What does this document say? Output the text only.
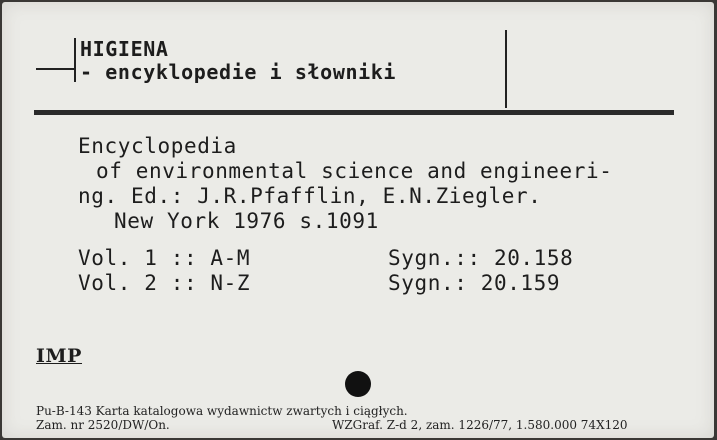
HIGIENA
- encyklopedie i słowniki
Encyclopedia
of environmental science and engineeri-
ng. Ed.: J.R.Pfafflin, E.N.Ziegler.
New York 1976 s.1091
Vol. 1 :: A-M	Sygn.:: 20.158
Vol. 2 :: N-Z	Sygn.: 20.159
IMP
Pu-B-143 Karta katalogowa wydawnictw zwartych i ciągłych.
Zam. nr 2520/DW/On.	WZGraf. Z-d 2, zam. 1226/77, 1.580.000 74X120
